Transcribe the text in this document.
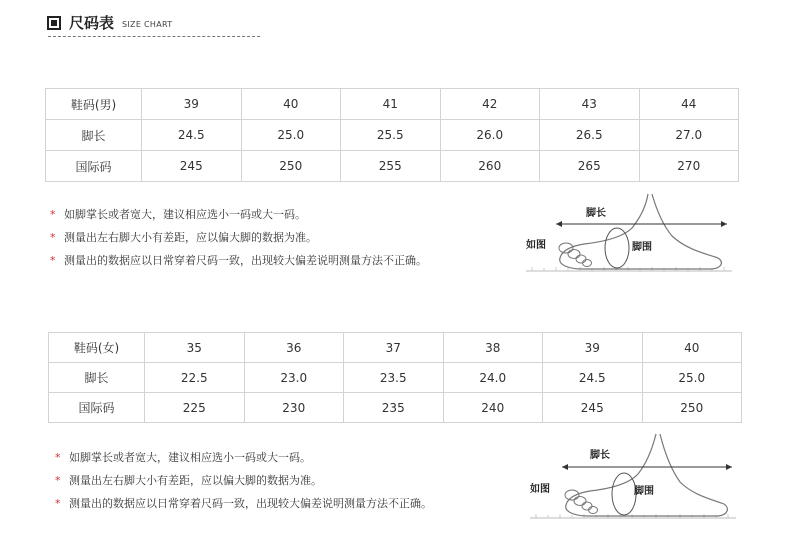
尺码表 SIZE CHART
鞋码(男)	39	40	41	42	43	44
脚长	24.5	25.0	25.5	26.0	26.5	27.0
国际码	245	250	255	260	265	270
* 如脚掌长或者宽大，建议相应选小一码或大一码。
* 测量出左右脚大小有差距，应以偏大脚的数据为准。
* 测量出的数据应以日常穿着尺码一致，出现较大偏差说明测量方法不正确。
脚长
脚围
如图
鞋码(女)	35	36	37	38	39	40
脚长	22.5	23.0	23.5	24.0	24.5	25.0
国际码	225	230	235	240	245	250
* 如脚掌长或者宽大，建议相应选小一码或大一码。
* 测量出左右脚大小有差距，应以偏大脚的数据为准。
* 测量出的数据应以日常穿着尺码一致，出现较大偏差说明测量方法不正确。
脚长
脚围
如图
